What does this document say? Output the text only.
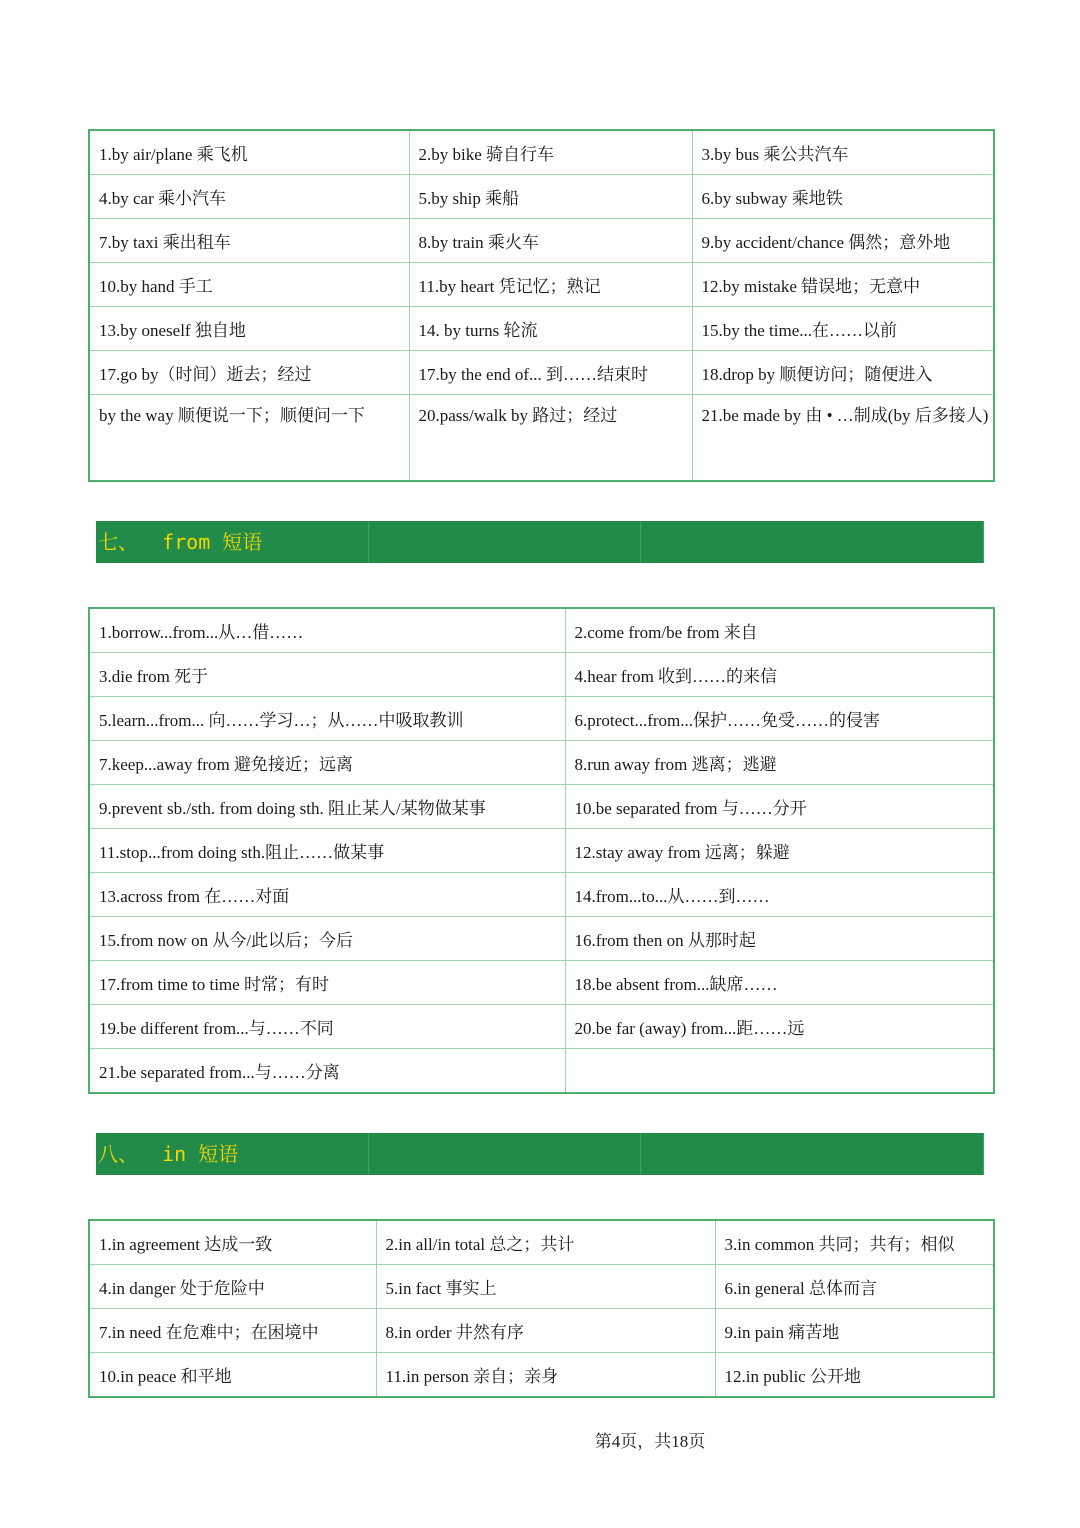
1.by air/plane 乘飞机	2.by bike 骑自行车	3.by bus 乘公共汽车
4.by car 乘小汽车	5.by ship 乘船	6.by subway 乘地铁
7.by taxi 乘出租车	8.by train 乘火车	9.by accident/chance 偶然；意外地
10.by hand 手工	11.by heart 凭记忆；熟记	12.by mistake 错误地；无意中
13.by oneself 独自地	14. by turns 轮流	15.by the time...在……以前
17.go by（时间）逝去；经过	17.by the end of... 到……结束时	18.drop by 顺便访问；随便进入
by the way 顺便说一下；顺便问一下	20.pass/walk by 路过；经过	21.be made by 由 • …制成(by 后多接人)
七、  from 短语
1.borrow...from...从…借……	2.come from/be from 来自
3.die from 死于	4.hear from 收到……的来信
5.learn...from... 向……学习…；从……中吸取教训	6.protect...from...保护……免受……的侵害
7.keep...away from 避免接近；远离	8.run away from 逃离；逃避
9.prevent sb./sth. from doing sth. 阻止某人/某物做某事	10.be separated from 与……分开
11.stop...from doing sth.阻止……做某事	12.stay away from 远离；躲避
13.across from 在……对面	14.from...to...从……到……
15.from now on 从今/此以后；今后	16.from then on 从那时起
17.from time to time 时常；有时	18.be absent from...缺席……
19.be different from...与……不同	20.be far (away) from...距……远
21.be separated from...与……分离	
八、  in 短语
1.in agreement 达成一致	2.in all/in total 总之；共计	3.in common 共同；共有；相似
4.in danger 处于危险中	5.in fact 事实上	6.in general 总体而言
7.in need 在危难中；在困境中	8.in order 井然有序	9.in pain 痛苦地
10.in peace 和平地	11.in person 亲自；亲身	12.in public 公开地
第4页，共18页
